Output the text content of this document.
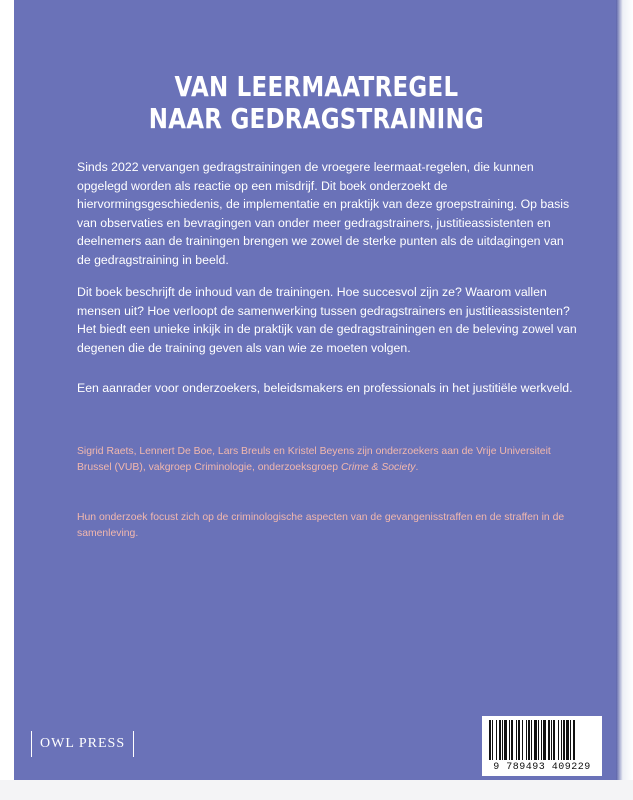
VAN LEERMAATREGEL
NAAR GEDRAGSTRAINING

Sinds 2022 vervangen gedragstrainingen de vroegere leermaat-regelen, die kunnen opgelegd worden als reactie op een misdrijf. Dit boek onderzoekt de hiervormingsgeschiedenis, de implementatie en praktijk van deze groepstraining. Op basis van observaties en bevragingen van onder meer gedragstrainers, justitieassistenten en deelnemers aan de trainingen brengen we zowel de sterke punten als de uitdagingen van de gedragstraining in beeld.

Dit boek beschrijft de inhoud van de trainingen. Hoe succesvol zijn ze? Waarom vallen mensen uit? Hoe verloopt de samenwerking tussen gedragstrainers en justitieassistenten? Het biedt een unieke inkijk in de praktijk van de gedragstrainingen en de beleving zowel van degenen die de training geven als van wie ze moeten volgen.

Een aanrader voor onderzoekers, beleidsmakers en professionals in het justitiële werkveld.

Sigrid Raets, Lennert De Boe, Lars Breuls en Kristel Beyens zijn onderzoekers aan de Vrije Universiteit Brussel (VUB), vakgroep Criminologie, onderzoeksgroep Crime & Society.

Hun onderzoek focust zich op de criminologische aspecten van de gevangenisstraffen en de straffen in de samenleving.

OWL PRESS
9 789493 409229
